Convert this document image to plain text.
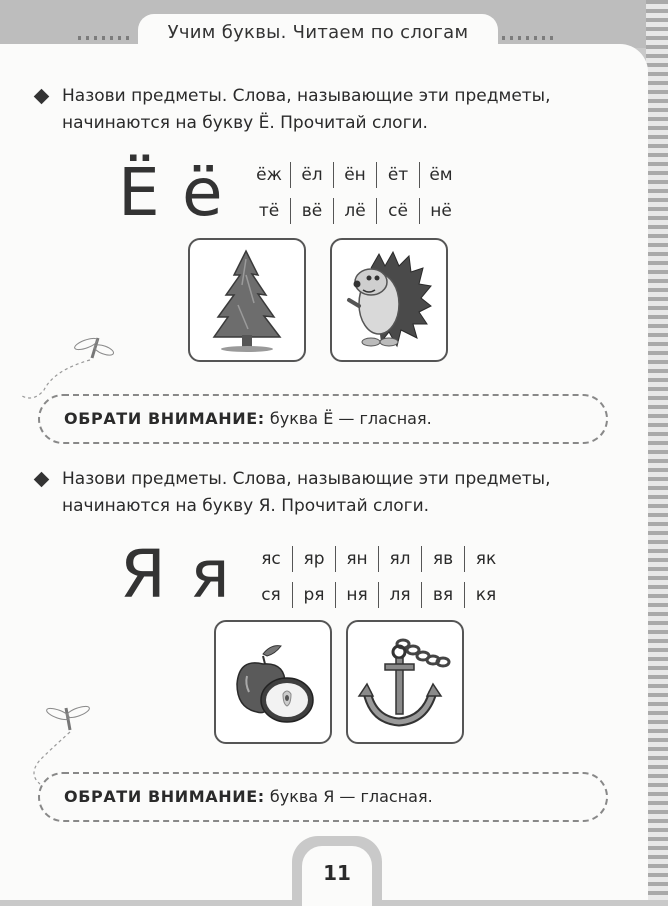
Учим буквы. Читаем по слогам
Назови предметы. Слова, называющие эти предметы,
начинаются на букву Ё. Прочитай слоги.
Ё ё	ёж	ёл	ён	ёт	ём
тё	вё	лё	сё	нё
ОБРАТИ ВНИМАНИЕ: буква Ё — гласная.
Назови предметы. Слова, называющие эти предметы,
начинаются на букву Я. Прочитай слоги.
Я я	яс	яр	ян	ял	яв	як
ся	ря	ня	ля	вя	кя
ОБРАТИ ВНИМАНИЕ: буква Я — гласная.
11
